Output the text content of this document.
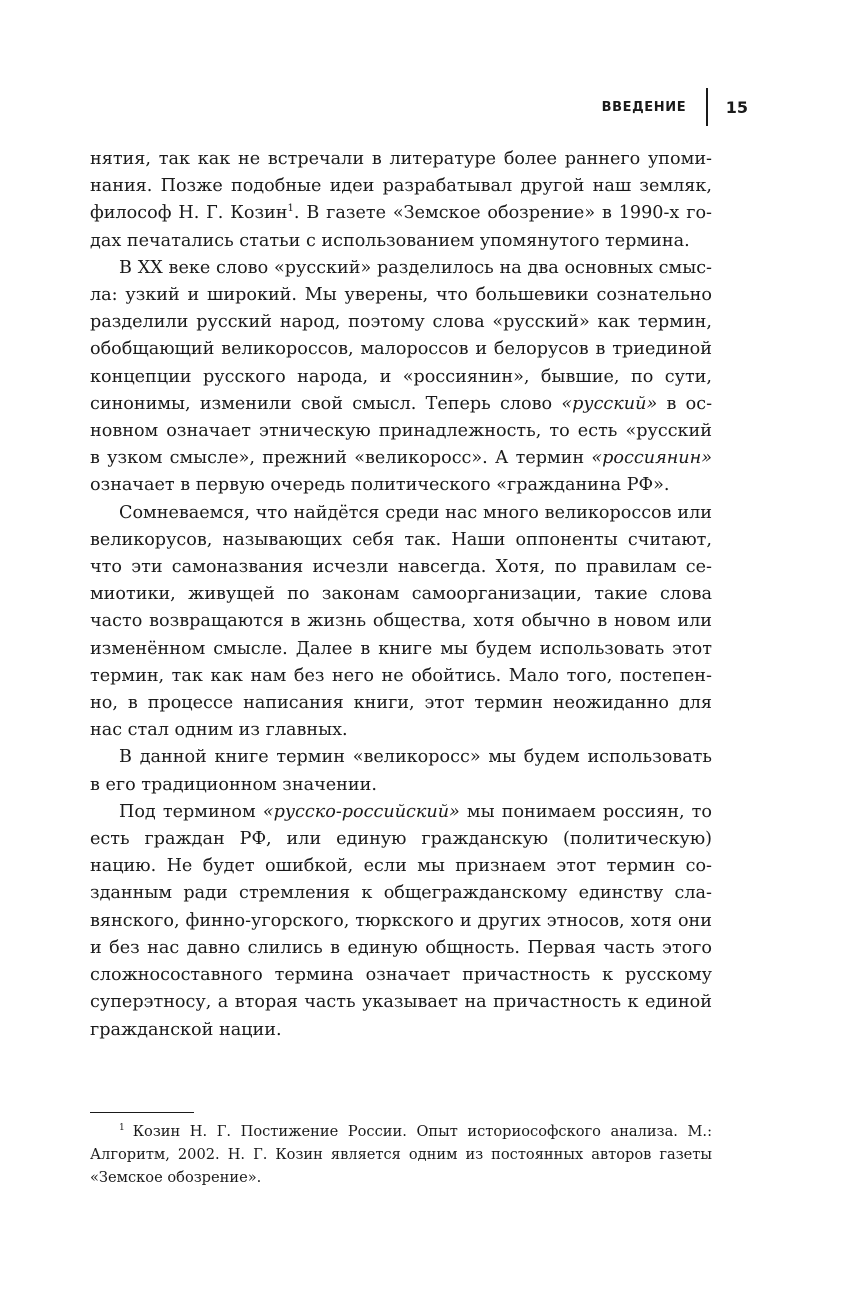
ВВЕДЕНИЕ 15

нятия, так как не встречали в литературе более раннего упоминания. Позже подобные идеи разрабатывал другой наш земляк, философ Н. Г. Козин$^1$. В газете «Земское обозрение» в 1990-х годах печатались статьи с использованием упомянутого термина.

В XX веке слово «русский» разделилось на два основных смысла: узкий и широкий. Мы уверены, что большевики сознательно разделили русский народ, поэтому слова «русский» как термин, обобщающий великороссов, малороссов и белорусов в триединой концепции русского народа, и «россиянин», бывшие, по сути, синонимы, изменили свой смысл. Теперь слово «русский» в основном означает этническую принадлежность, то есть «русский в узком смысле», прежний «великоросс». А термин «россиянин» означает в первую очередь политического «гражданина РФ».

Сомневаемся, что найдётся среди нас много великороссов или великорусов, называющих себя так. Наши оппоненты считают, что эти самоназвания исчезли навсегда. Хотя, по правилам семиотики, живущей по законам самоорганизации, такие слова часто возвращаются в жизнь общества, хотя обычно в новом или изменённом смысле. Далее в книге мы будем использовать этот термин, так как нам без него не обойтись. Мало того, постепенно, в процессе написания книги, этот термин неожиданно для нас стал одним из главных.

В данной книге термин «великоросс» мы будем использовать в его традиционном значении.

Под термином «русско-российский» мы понимаем россиян, то есть граждан РФ, или единую гражданскую (политическую) нацию. Не будет ошибкой, если мы признаем этот термин созданным ради стремления к общегражданскому единству славянского, финно-угорского, тюркского и других этносов, хотя они и без нас давно слились в единую общность. Первая часть этого сложносоставного термина означает причастность к русскому суперэтносу, а вторая часть указывает на причастность к единой гражданской нации.

$^1$ Козин Н. Г. Постижение России. Опыт историософского анализа. М.: Алгоритм, 2002. Н. Г. Козин является одним из постоянных авторов газеты «Земское обозрение».
